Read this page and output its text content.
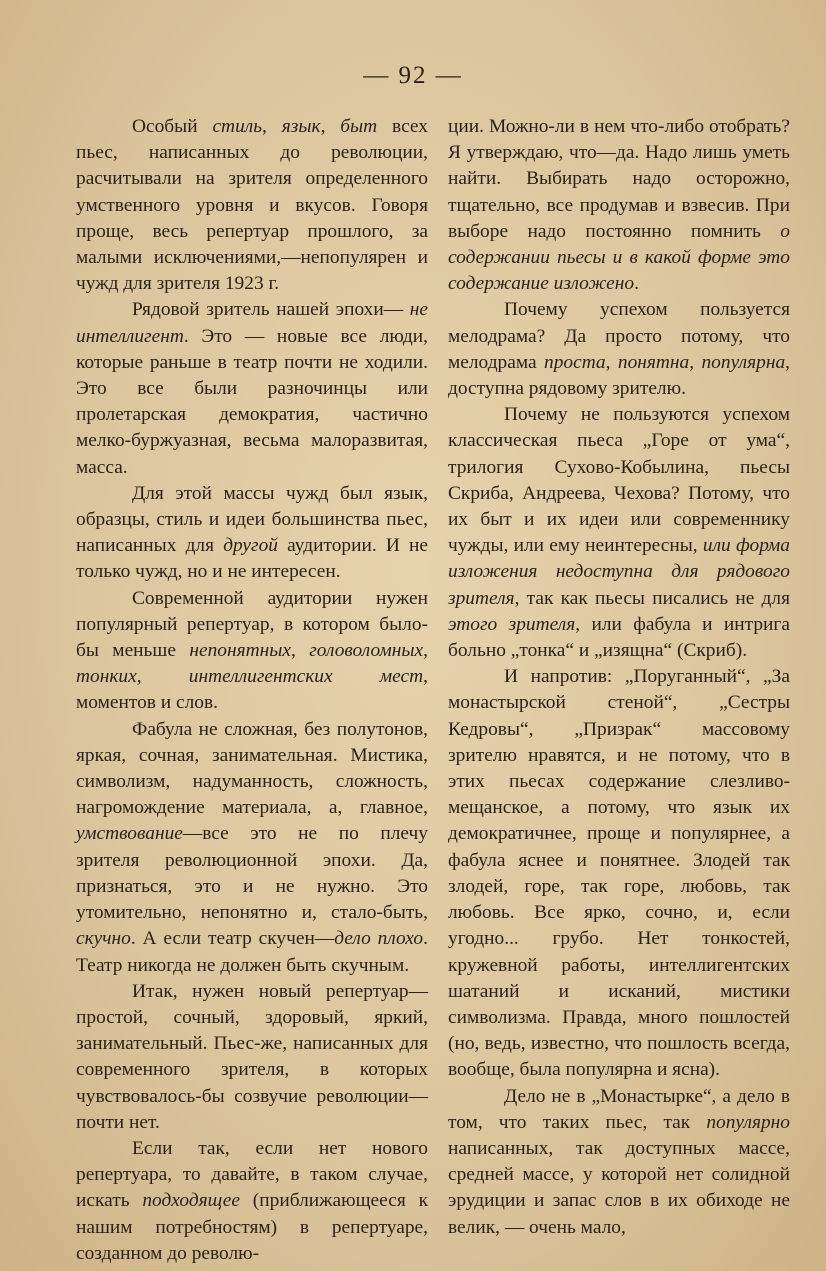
— 92 —

Особый стиль, язык, быт всех пьес, написанных до революции, расчитывали на зрителя определенного умственного уровня и вкусов. Говоря проще, весь репертуар прошлого, за малыми исключениями,—непопулярен и чужд для зрителя 1923 г.

Рядовой зритель нашей эпохи— не интеллигент. Это — новые все люди, которые раньше в театр почти не ходили. Это все были разночинцы или пролетарская демократия, частично мелко-буржуазная, весьма малоразвитая, масса.

Для этой массы чужд был язык, образцы, стиль и идеи большинства пьес, написанных для другой аудитории. И не только чужд, но и не интересен.

Современной аудитории нужен популярный репертуар, в котором было-бы меньше непонятных, головоломных, тонких, интеллигентских мест, моментов и слов.

Фабула не сложная, без полутонов, яркая, сочная, занимательная. Мистика, символизм, надуманность, сложность, нагромождение материала, а, главное, умствование—все это не по плечу зрителя революционной эпохи. Да, признаться, это и не нужно. Это утомительно, непонятно и, стало-быть, скучно. А если театр скучен—дело плохо. Театр никогда не должен быть скучным.

Итак, нужен новый репертуар—простой, сочный, здоровый, яркий, занимательный. Пьес-же, написанных для современного зрителя, в которых чувствовалось-бы созвучие революции—почти нет.

Если так, если нет нового репертуара, то давайте, в таком случае, искать подходящее (приближающееся к нашим потребностям) в репертуаре, созданном до револю-

ции. Можно-ли в нем что-либо отобрать? Я утверждаю, что—да. Надо лишь уметь найти. Выбирать надо осторожно, тщательно, все продумав и взвесив. При выборе надо постоянно помнить о содержании пьесы и в какой форме это содержание изложено.

Почему успехом пользуется мелодрама? Да просто потому, что мелодрама проста, понятна, популярна, доступна рядовому зрителю.

Почему не пользуются успехом классическая пьеса „Горе от ума“, трилогия Сухово-Кобылина, пьесы Скриба, Андреева, Чехова? Потому, что их быт и их идеи или современнику чужды, или ему неинтересны, или форма изложения недоступна для рядового зрителя, так как пьесы писались не для этого зрителя, или фабула и интрига больно „тонка“ и „изящна“ (Скриб).

И напротив: „Поруганный“, „За монастырской стеной“, „Сестры Кедровы“, „Призрак“ массовому зрителю нравятся, и не потому, что в этих пьесах содержание слезливо-мещанское, а потому, что язык их демократичнее, проще и популярнее, а фабула яснее и понятнее. Злодей так злодей, горе, так горе, любовь, так любовь. Все ярко, сочно, и, если угодно... грубо. Нет тонкостей, кружевной работы, интеллигентских шатаний и исканий, мистики символизма. Правда, много пошлостей (но, ведь, известно, что пошлость всегда, вообще, была популярна и ясна).

Дело не в „Монастырке“, а дело в том, что таких пьес, так популярно написанных, так доступных массе, средней массе, у которой нет солидной эрудиции и запас слов в их обиходе не велик, — очень мало,
